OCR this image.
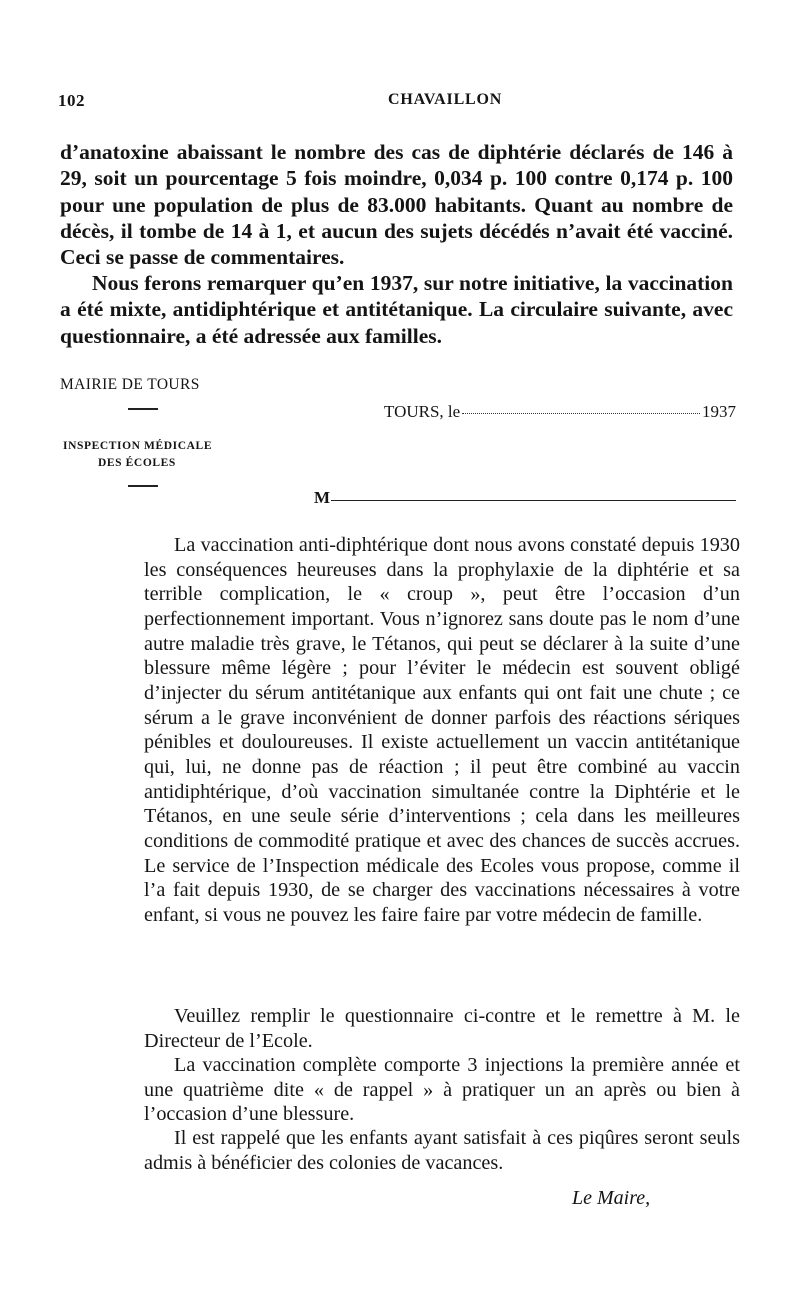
102	CHAVAILLON

d’anatoxine abaissant le nombre des cas de diphtérie déclarés de 146 à 29, soit un pourcentage 5 fois moindre, 0,034 p. 100 contre 0,174 p. 100 pour une population de plus de 83.000 habitants. Quant au nombre de décès, il tombe de 14 à 1, et aucun des sujets décédés n’avait été vacciné. Ceci se passe de commentaires.

Nous ferons remarquer qu’en 1937, sur notre initiative, la vaccination a été mixte, antidiphtérique et antitétanique. La circulaire suivante, avec questionnaire, a été adressée aux familles.

MAIRIE DE TOURS
TOURS, le	1937
INSPECTION MÉDICALE
DES ÉCOLES
M

La vaccination anti-diphtérique dont nous avons constaté depuis 1930 les conséquences heureuses dans la prophylaxie de la diphtérie et sa terrible complication, le « croup », peut être l’occasion d’un perfectionnement important. Vous n’ignorez sans doute pas le nom d’une autre maladie très grave, le Tétanos, qui peut se déclarer à la suite d’une blessure même légère ; pour l’éviter le médecin est souvent obligé d’injecter du sérum antitétanique aux enfants qui ont fait une chute ; ce sérum a le grave inconvénient de donner parfois des réactions sériques pénibles et douloureuses. Il existe actuellement un vaccin antitétanique qui, lui, ne donne pas de réaction ; il peut être combiné au vaccin antidiphtérique, d’où vaccination simultanée contre la Diphtérie et le Tétanos, en une seule série d’interventions ; cela dans les meilleures conditions de commodité pratique et avec des chances de succès accrues. Le service de l’Inspection médicale des Ecoles vous propose, comme il l’a fait depuis 1930, de se charger des vaccinations nécessaires à votre enfant, si vous ne pouvez les faire faire par votre médecin de famille.

Veuillez remplir le questionnaire ci-contre et le remettre à M. le Directeur de l’Ecole.

La vaccination complète comporte 3 injections la première année et une quatrième dite « de rappel » à pratiquer un an après ou bien à l’occasion d’une blessure.

Il est rappelé que les enfants ayant satisfait à ces piqûres seront seuls admis à bénéficier des colonies de vacances.

Le Maire,
